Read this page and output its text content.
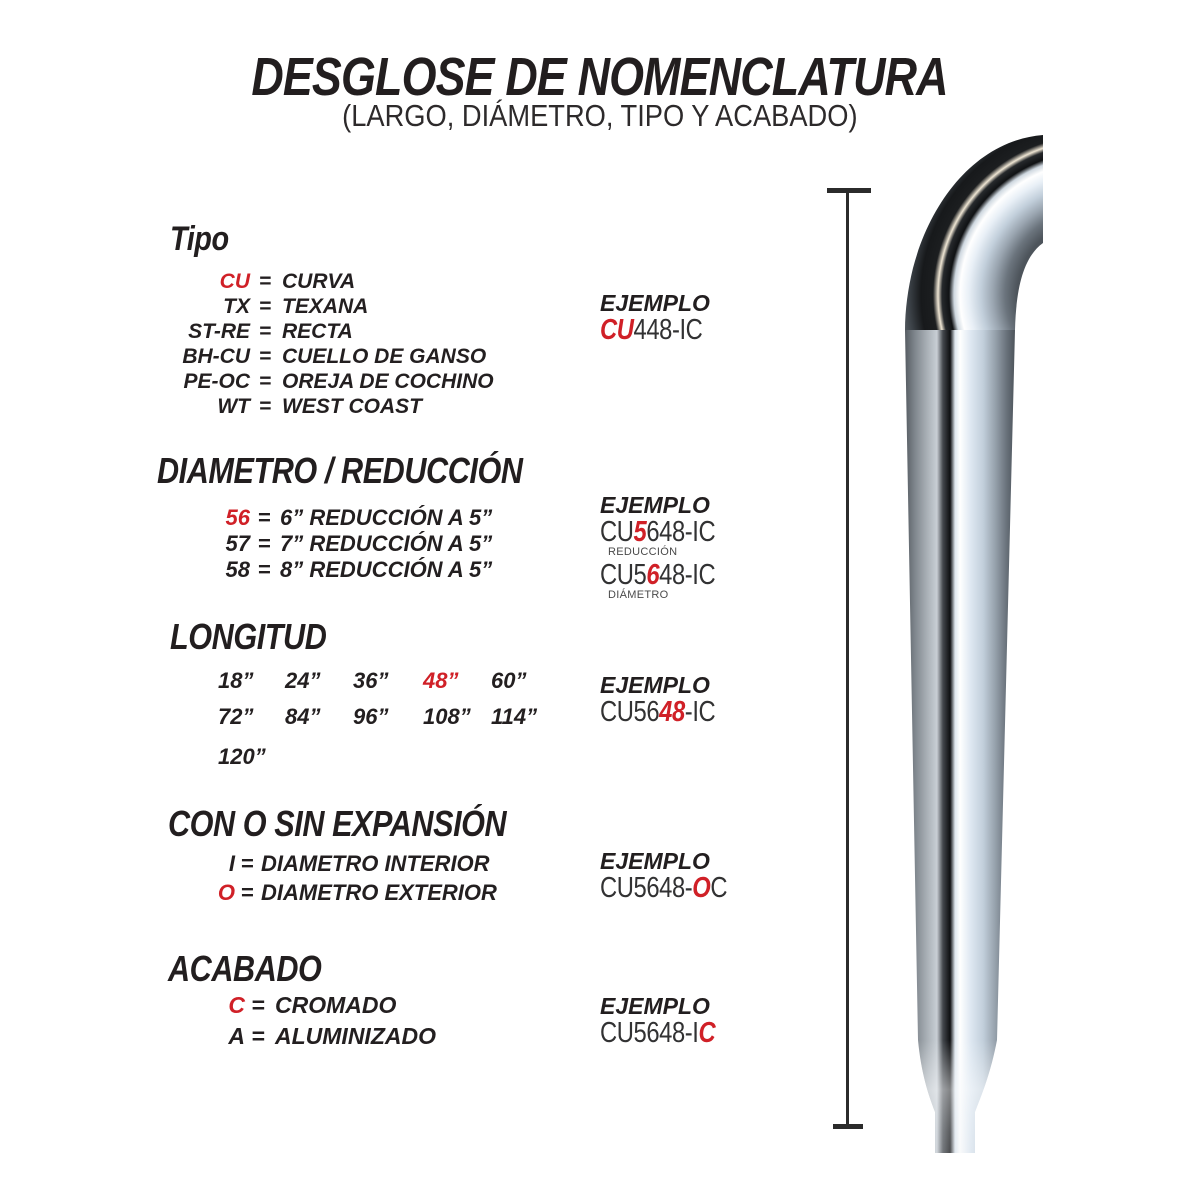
DESGLOSE DE NOMENCLATURA
(LARGO, DIÁMETRO, TIPO Y ACABADO)
Tipo
CU = CURVA
TX = TEXANA
ST-RE = RECTA
BH-CU = CUELLO DE GANSO
PE-OC = OREJA DE COCHINO
WT = WEST COAST
EJEMPLO
CU448-IC
DIAMETRO / REDUCCIÓN
56 = 6” REDUCCIÓN A 5”
57 = 7” REDUCCIÓN A 5”
58 = 8” REDUCCIÓN A 5”
EJEMPLO
CU5648-IC
REDUCCIÓN
CU5648-IC
DIÁMETRO
LONGITUD
18”	24”	36”	48”	60”
72”	84”	96”	108” 114”
120”
EJEMPLO
CU5648-IC
CON O SIN EXPANSIÓN
I = DIAMETRO INTERIOR
O = DIAMETRO EXTERIOR
EJEMPLO
CU5648-OC
ACABADO
C = CROMADO
A = ALUMINIZADO
EJEMPLO
CU5648-IC
